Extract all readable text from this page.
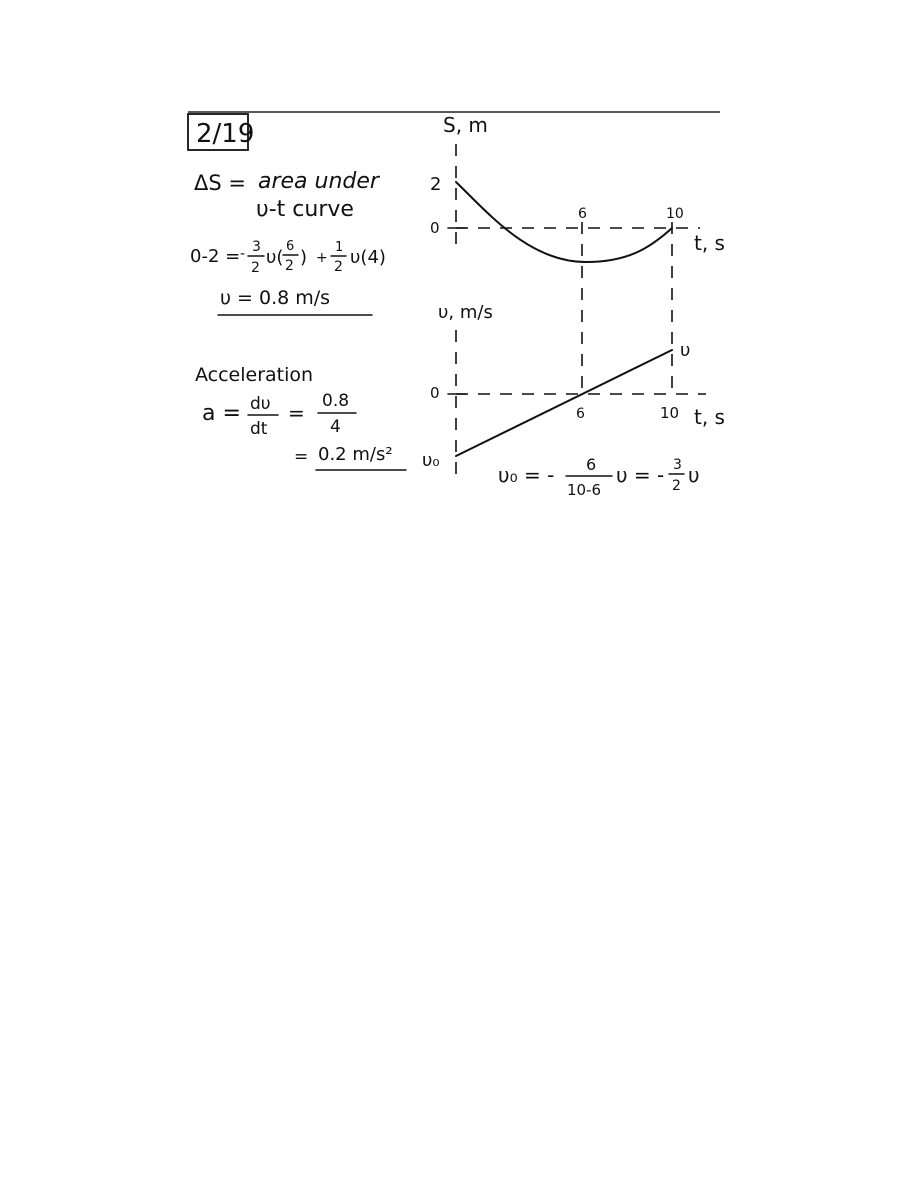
2/19
ΔS = area under
υ-t curve
0-2 = - 3
2 υ(
6
2 ) +
1
2 υ(4)
υ = 0.8 m/s
Acceleration
a = dυ
dt
= 0.8
4
= 0.2 m/s²
S, m
2
0
6	10
t, s
υ, m/s
0
6	10 t, s
υ
υ₀
υ₀ = - 6
10-6
υ = - 3
2 υ
